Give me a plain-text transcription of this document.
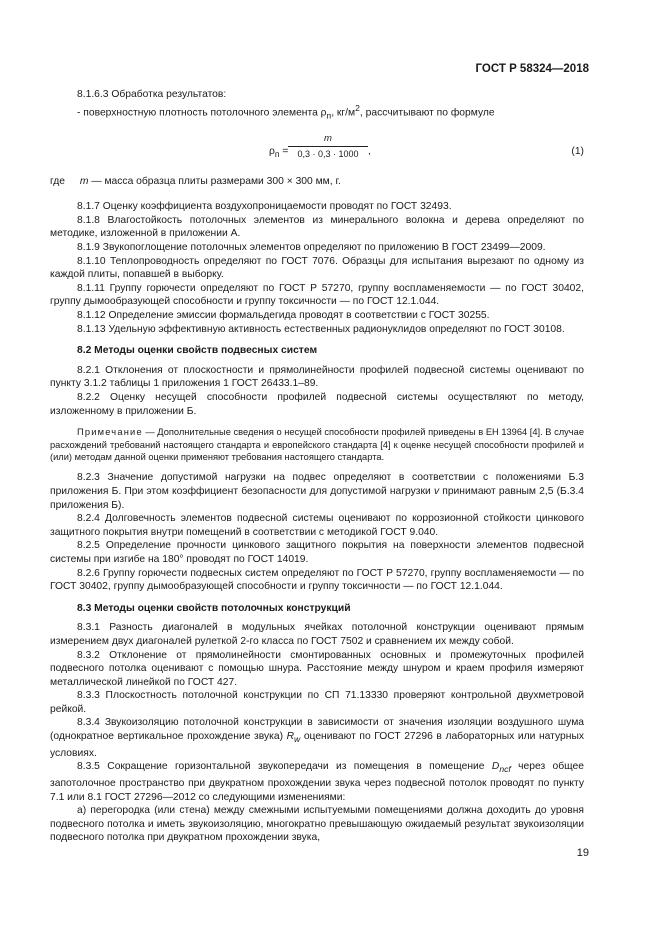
ГОСТ Р 58324—2018

8.1.6.3 Обработка результатов:

- поверхностную плотность потолочного элемента $\rho_п$, $кг/м^2$, рассчитывают по формуле

$\rho_п$ =
m
0,3 · 0,3 · 1000 ,	(1)

где m — масса образца плиты размерами 300 × 300 мм, г.

8.1.7 Оценку коэффициента воздухопроницаемости проводят по ГОСТ 32493.

8.1.8 Влагостойкость потолочных элементов из минерального волокна и дерева определяют по методике, изложенной в приложении А.

8.1.9 Звукопоглощение потолочных элементов определяют по приложению В ГОСТ 23499—2009.

8.1.10 Теплопроводность определяют по ГОСТ 7076. Образцы для испытания вырезают по одному из каждой плиты, попавшей в выборку.

8.1.11 Группу горючести определяют по ГОСТ Р 57270, группу воспламеняемости — по ГОСТ 30402, группу дымообразующей способности и группу токсичности — по ГОСТ 12.1.044.

8.1.12 Определение эмиссии формальдегида проводят в соответствии с ГОСТ 30255.

8.1.13 Удельную эффективную активность естественных радионуклидов определяют по ГОСТ 30108.

8.2 Методы оценки свойств подвесных систем

8.2.1 Отклонения от плоскостности и прямолинейности профилей подвесной системы оценивают по пункту 3.1.2 таблицы 1 приложения 1 ГОСТ 26433.1–89.

8.2.2 Оценку несущей способности профилей подвесной системы осуществляют по методу, изложенному в приложении Б.

Примечание — Дополнительные сведения о несущей способности профилей приведены в ЕН 13964 [4]. В случае расхождений требований настоящего стандарта и европейского стандарта [4] к оценке несущей способности профилей и (или) методам данной оценки применяют требования настоящего стандарта.

8.2.3 Значение допустимой нагрузки на подвес определяют в соответствии с положениями Б.3 приложения Б. При этом коэффициент безопасности для допустимой нагрузки v принимают равным 2,5 (Б.3.4 приложения Б).

8.2.4 Долговечность элементов подвесной системы оценивают по коррозионной стойкости цинкового защитного покрытия внутри помещений в соответствии с методикой ГОСТ 9.040.

8.2.5 Определение прочности цинкового защитного покрытия на поверхности элементов подвесной системы при изгибе на 180° проводят по ГОСТ 14019.

8.2.6 Группу горючести подвесных систем определяют по ГОСТ Р 57270, группу воспламеняемости — по ГОСТ 30402, группу дымообразующей способности и группу токсичности — по ГОСТ 12.1.044.

8.3 Методы оценки свойств потолочных конструкций

8.3.1 Разность диагоналей в модульных ячейках потолочной конструкции оценивают прямым измерением двух диагоналей рулеткой 2-го класса по ГОСТ 7502 и сравнением их между собой.

8.3.2 Отклонение от прямолинейности смонтированных основных и промежуточных профилей подвесного потолка оценивают с помощью шнура. Расстояние между шнуром и краем профиля измеряют металлической линейкой по ГОСТ 427.

8.3.3 Плоскостность потолочной конструкции по СП 71.13330 проверяют контрольной двухметровой рейкой.

8.3.4 Звукоизоляцию потолочной конструкции в зависимости от значения изоляции воздушного шума (однократное вертикальное прохождение звука) $R_w$ оценивают по ГОСТ 27296 в лабораторных или натурных условиях.

8.3.5 Сокращение горизонтальной звукопередачи из помещения в помещение $D_{ncf}$ через общее запотолочное пространство при двукратном прохождении звука через подвесной потолок проводят по пункту 7.1 или 8.1 ГОСТ 27296—2012 со следующими изменениями:

а) перегородка (или стена) между смежными испытуемыми помещениями должна доходить до уровня подвесного потолка и иметь звукоизоляцию, многократно превышающую ожидаемый результат звукоизоляции подвесного потолка при двукратном прохождении звука,

19
